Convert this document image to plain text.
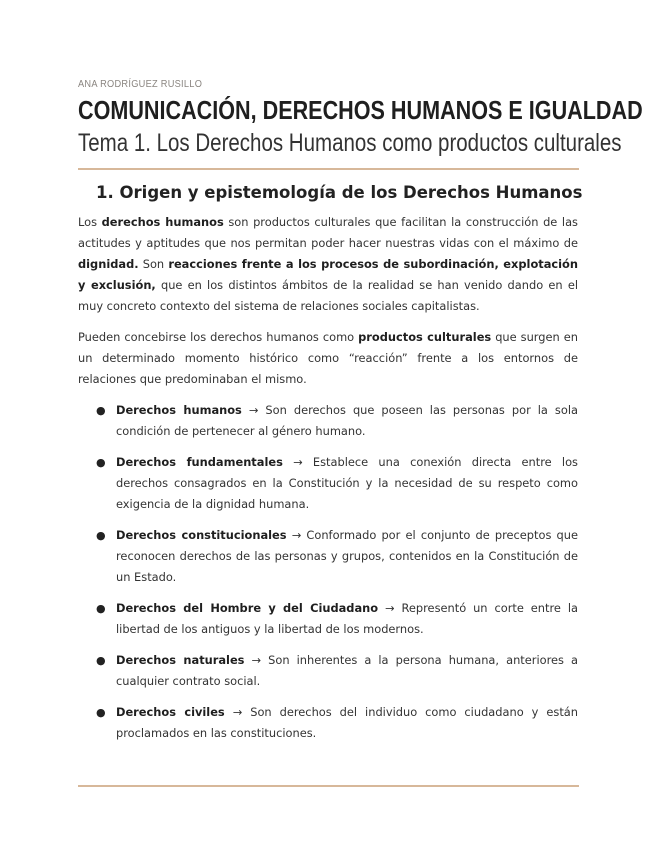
ANA RODRÍGUEZ RUSILLO
COMUNICACIÓN, DERECHOS HUMANOS E IGUALDAD
Tema 1. Los Derechos Humanos como productos culturales
1. Origen y epistemología de los Derechos Humanos

Los derechos humanos son productos culturales que facilitan la construcción de las actitudes y aptitudes que nos permitan poder hacer nuestras vidas con el máximo de dignidad. Son reacciones frente a los procesos de subordinación, explotación y exclusión, que en los distintos ámbitos de la realidad se han venido dando en el muy concreto contexto del sistema de relaciones sociales capitalistas.

Pueden concebirse los derechos humanos como productos culturales que surgen en un determinado momento histórico como “reacción” frente a los entornos de relaciones que predominaban el mismo.

● Derechos humanos → Son derechos que poseen las personas por la sola condición de pertenecer al género humano.
● Derechos fundamentales → Establece una conexión directa entre los derechos consagrados en la Constitución y la necesidad de su respeto como exigencia de la dignidad humana.
● Derechos constitucionales → Conformado por el conjunto de preceptos que reconocen derechos de las personas y grupos, contenidos en la Constitución de un Estado.
● Derechos del Hombre y del Ciudadano → Representó un corte entre la libertad de los antiguos y la libertad de los modernos.
● Derechos naturales → Son inherentes a la persona humana, anteriores a cualquier contrato social.
● Derechos civiles → Son derechos del individuo como ciudadano y están proclamados en las constituciones.
